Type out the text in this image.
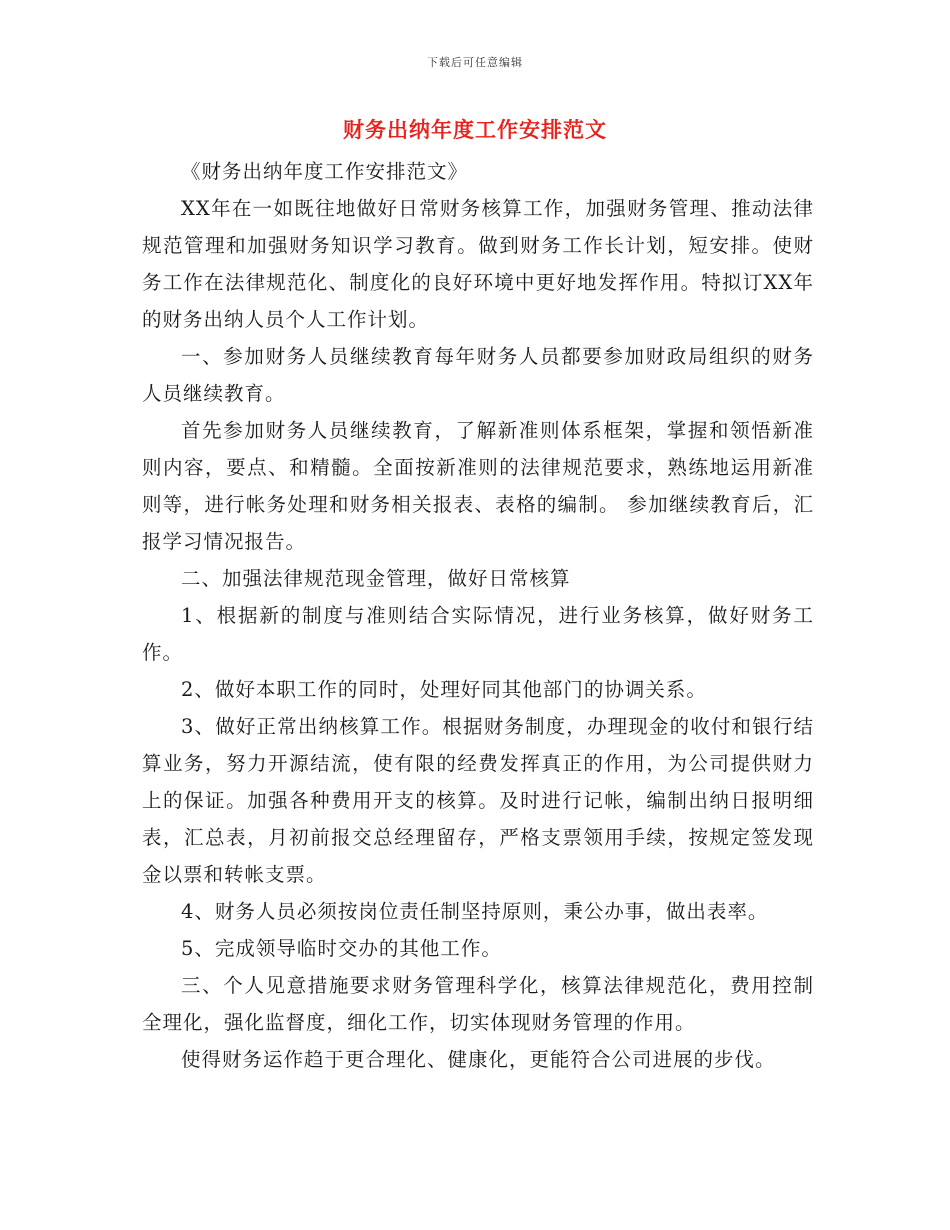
下载后可任意编辑
财务出纳年度工作安排范文

《财务出纳年度工作安排范文》

XX年在一如既往地做好日常财务核算工作，加强财务管理、推动法律规范管理和加强财务知识学习教育。做到财务工作长计划，短安排。使财务工作在法律规范化、制度化的良好环境中更好地发挥作用。特拟订XX年的财务出纳人员个人工作计划。

一、参加财务人员继续教育每年财务人员都要参加财政局组织的财务人员继续教育。

首先参加财务人员继续教育，了解新准则体系框架，掌握和领悟新准则内容，要点、和精髓。全面按新准则的法律规范要求，熟练地运用新准则等，进行帐务处理和财务相关报表、表格的编制。 参加继续教育后，汇报学习情况报告。

二、加强法律规范现金管理，做好日常核算

1、根据新的制度与准则结合实际情况，进行业务核算，做好财务工作。

2、做好本职工作的同时，处理好同其他部门的协调关系。

3、做好正常出纳核算工作。根据财务制度，办理现金的收付和银行结算业务，努力开源结流，使有限的经费发挥真正的作用，为公司提供财力上的保证。加强各种费用开支的核算。及时进行记帐，编制出纳日报明细表，汇总表，月初前报交总经理留存，严格支票领用手续，按规定签发现金以票和转帐支票。

4、财务人员必须按岗位责任制坚持原则，秉公办事，做出表率。

5、完成领导临时交办的其他工作。

三、个人见意措施要求财务管理科学化，核算法律规范化，费用控制全理化，强化监督度，细化工作，切实体现财务管理的作用。

使得财务运作趋于更合理化、健康化，更能符合公司进展的步伐。
